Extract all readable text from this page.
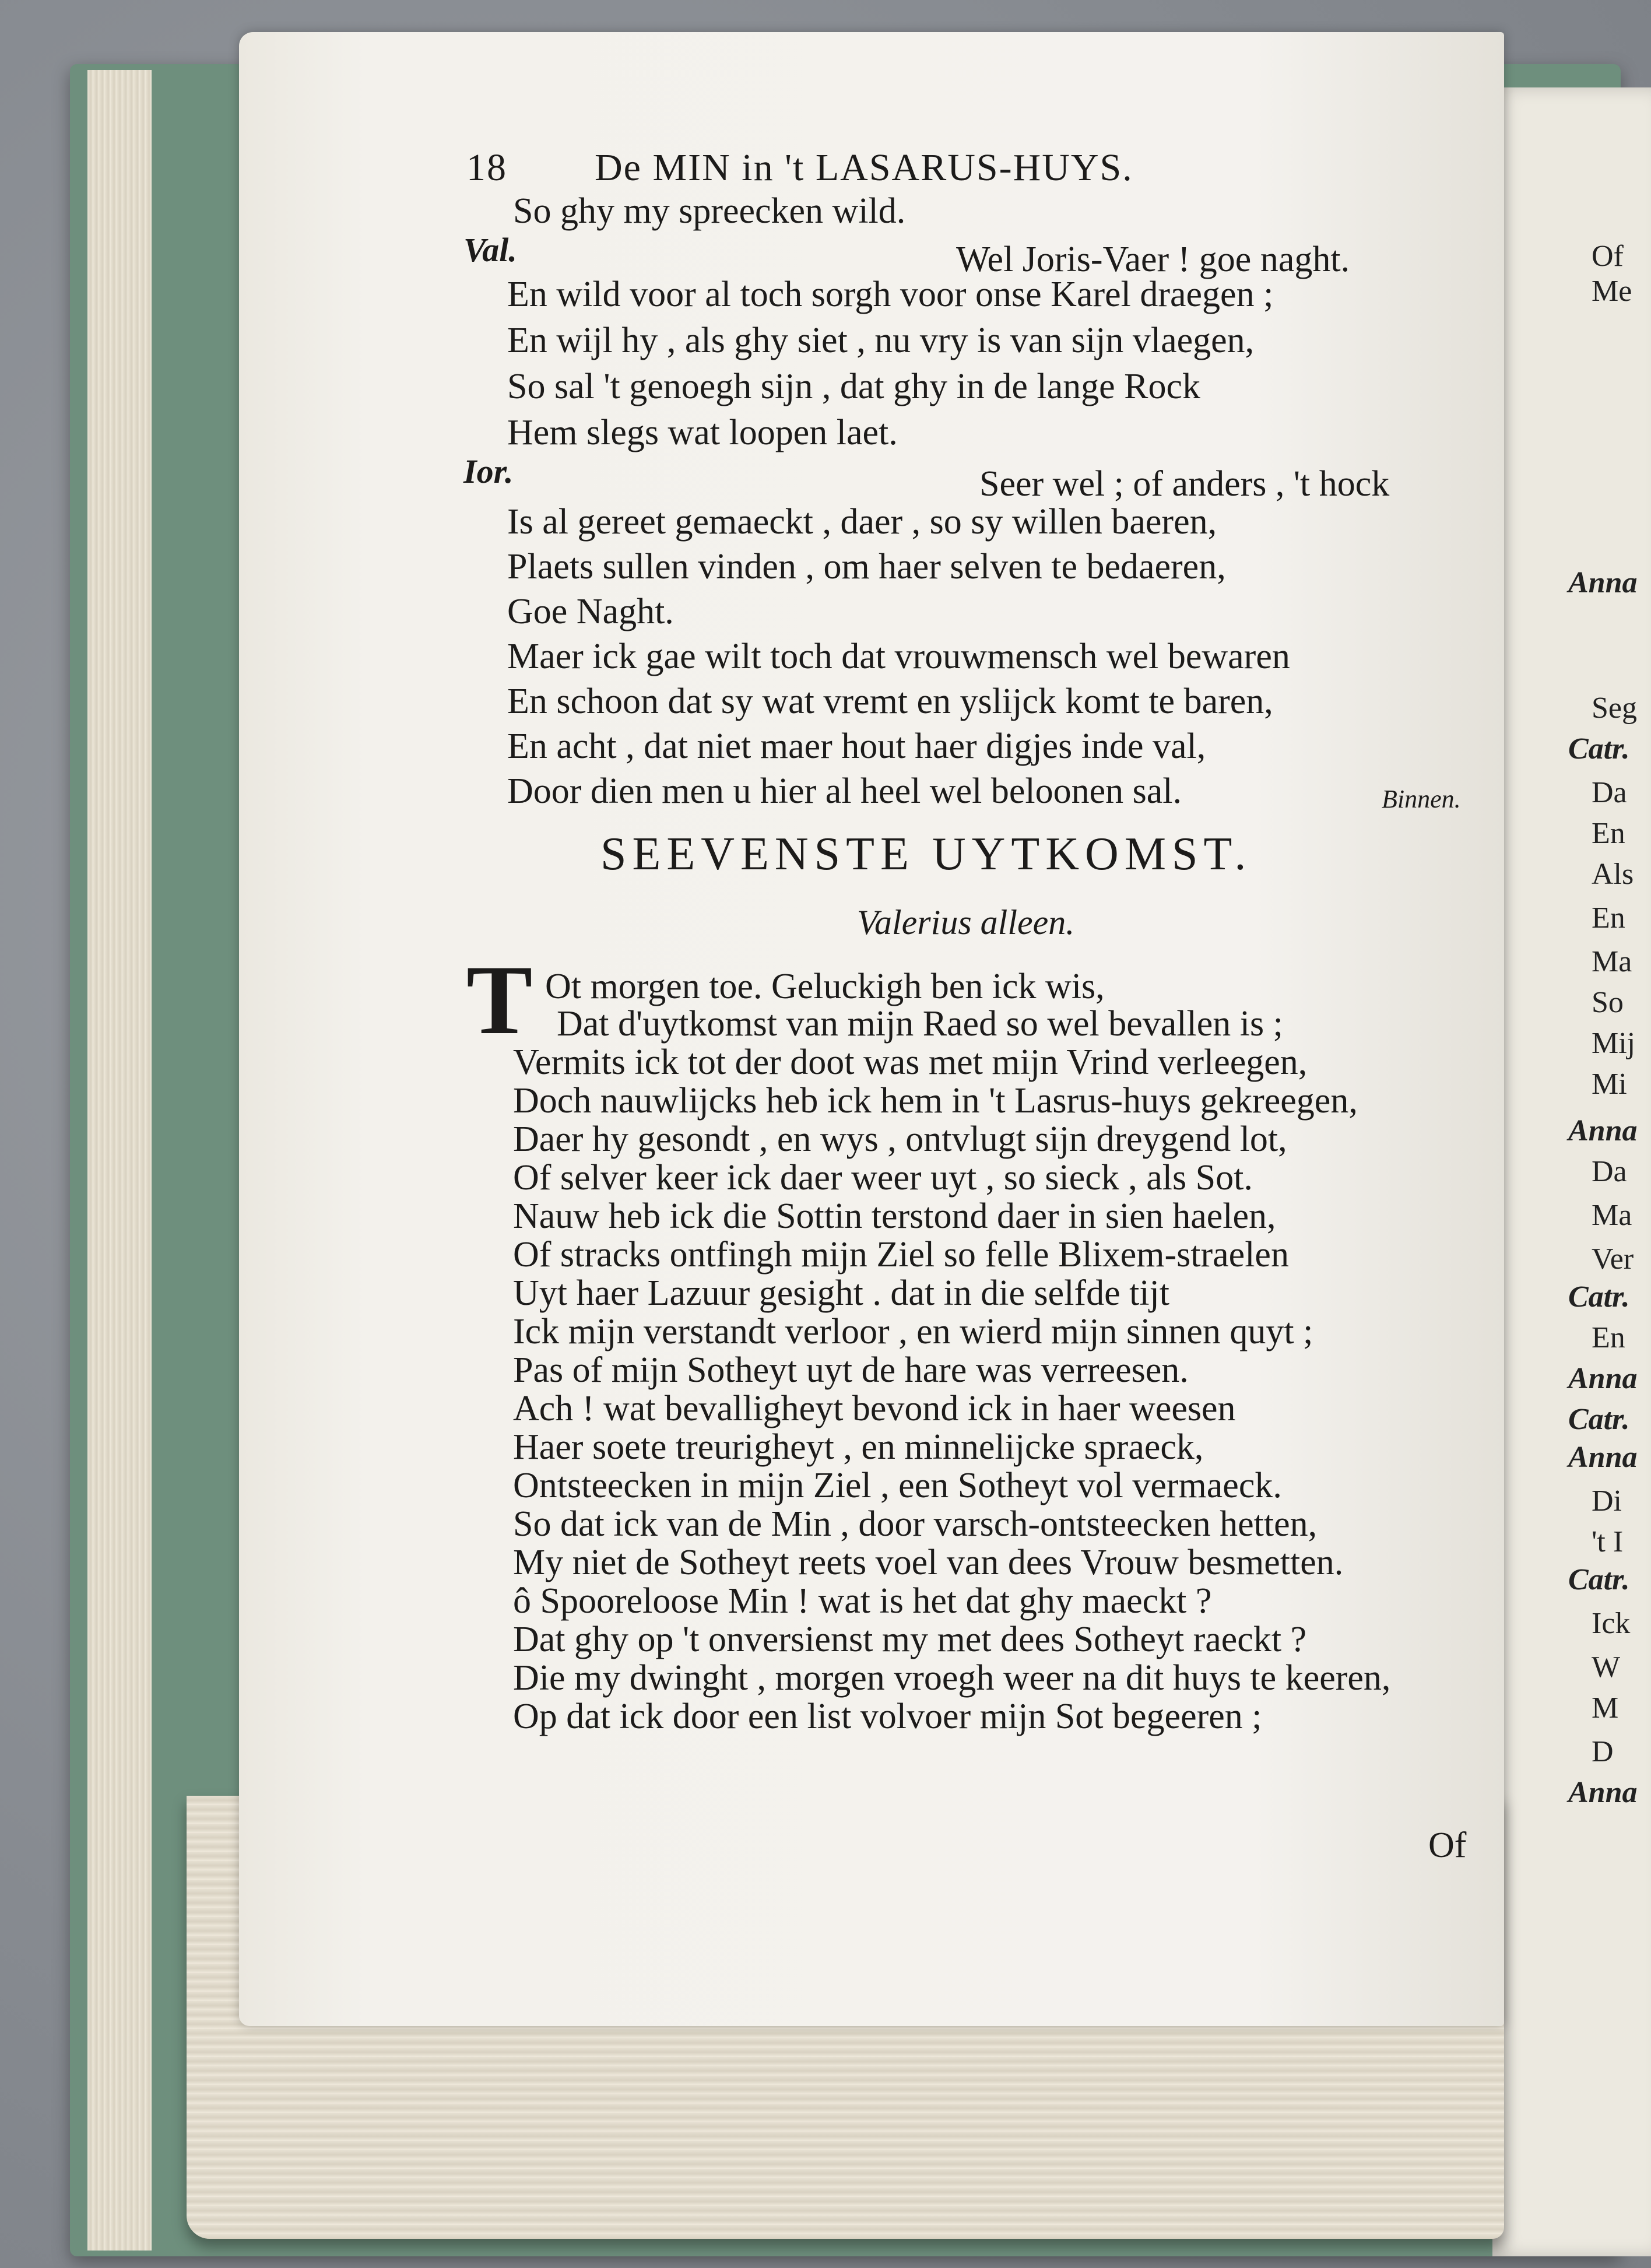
Of
Me
Anna
Seg
Catr.
Da
En
Als
En
Ma
So
Mij
Mi
Anna
Da
Ma
Ver
Catr.
En
Anna
Catr.
Anna
Di
't I
Catr.
Ick
W
M
D
Anna
18 De MIN in 't LASARUS-HUYS.
So ghy my spreecken wild.
Val.	Wel Joris-Vaer ! goe naght.
En wild voor al toch sorgh voor onse Karel draegen ;
En wijl hy , als ghy siet , nu vry is van sijn vlaegen,
So sal 't genoegh sijn , dat ghy in de lange Rock
Hem slegs wat loopen laet.
Ior.	Seer wel ; of anders , 't hock
Is al gereet gemaeckt , daer , so sy willen baeren,
Plaets sullen vinden , om haer selven te bedaeren,
Goe Naght.
Maer ick gae wilt toch dat vrouwmensch wel bewaren
En schoon dat sy wat vremt en yslijck komt te baren,
En acht , dat niet maer hout haer digjes inde val,
Door dien men u hier al heel wel beloonen sal.	Binnen.
SEEVENSTE UYTKOMST.
Valerius alleen.
T Ot morgen toe. Geluckigh ben ick wis,
Dat d'uytkomst van mijn Raed so wel bevallen is ;
Vermits ick tot der doot was met mijn Vrind verleegen,
Doch nauwlijcks heb ick hem in 't Lasrus-huys gekreegen,
Daer hy gesondt , en wys , ontvlugt sijn dreygend lot,
Of selver keer ick daer weer uyt , so sieck , als Sot.
Nauw heb ick die Sottin terstond daer in sien haelen,
Of stracks ontfingh mijn Ziel so felle Blixem-straelen
Uyt haer Lazuur gesight . dat in die selfde tijt
Ick mijn verstandt verloor , en wierd mijn sinnen quyt ;
Pas of mijn Sotheyt uyt de hare was verreesen.
Ach ! wat bevalligheyt bevond ick in haer weesen
Haer soete treurigheyt , en minnelijcke spraeck,
Ontsteecken in mijn Ziel , een Sotheyt vol vermaeck.
So dat ick van de Min , door varsch-ontsteecken hetten,
My niet de Sotheyt reets voel van dees Vrouw besmetten.
ô Spooreloose Min ! wat is het dat ghy maeckt ?
Dat ghy op 't onversienst my met dees Sotheyt raeckt ?
Die my dwinght , morgen vroegh weer na dit huys te keeren,
Op dat ick door een list volvoer mijn Sot begeeren ;
Of
